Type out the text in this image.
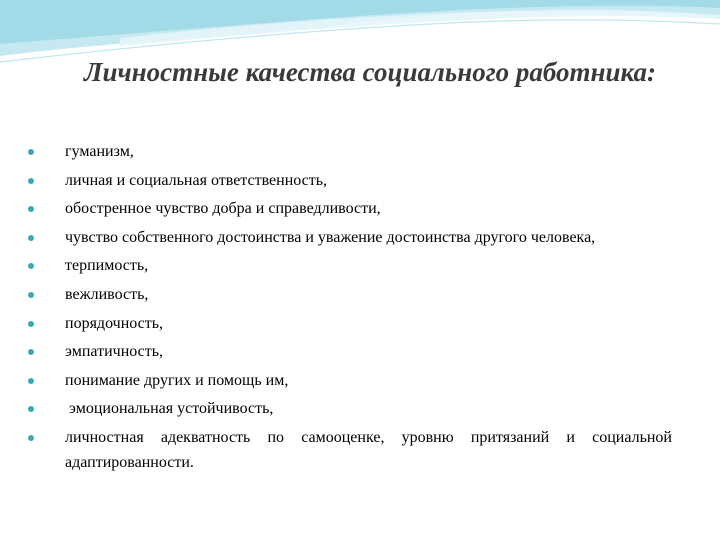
Личностные качества социального работника:
гуманизм,
личная и социальная ответственность,
обостренное чувство добра и справедливости,
чувство собственного достоинства и уважение достоинства другого человека,
терпимость,
вежливость,
порядочность,
эмпатичность,
понимание других и помощь им,
эмоциональная устойчивость,
личностная адекватность по самооценке, уровню притязаний и социальной адаптированности.
